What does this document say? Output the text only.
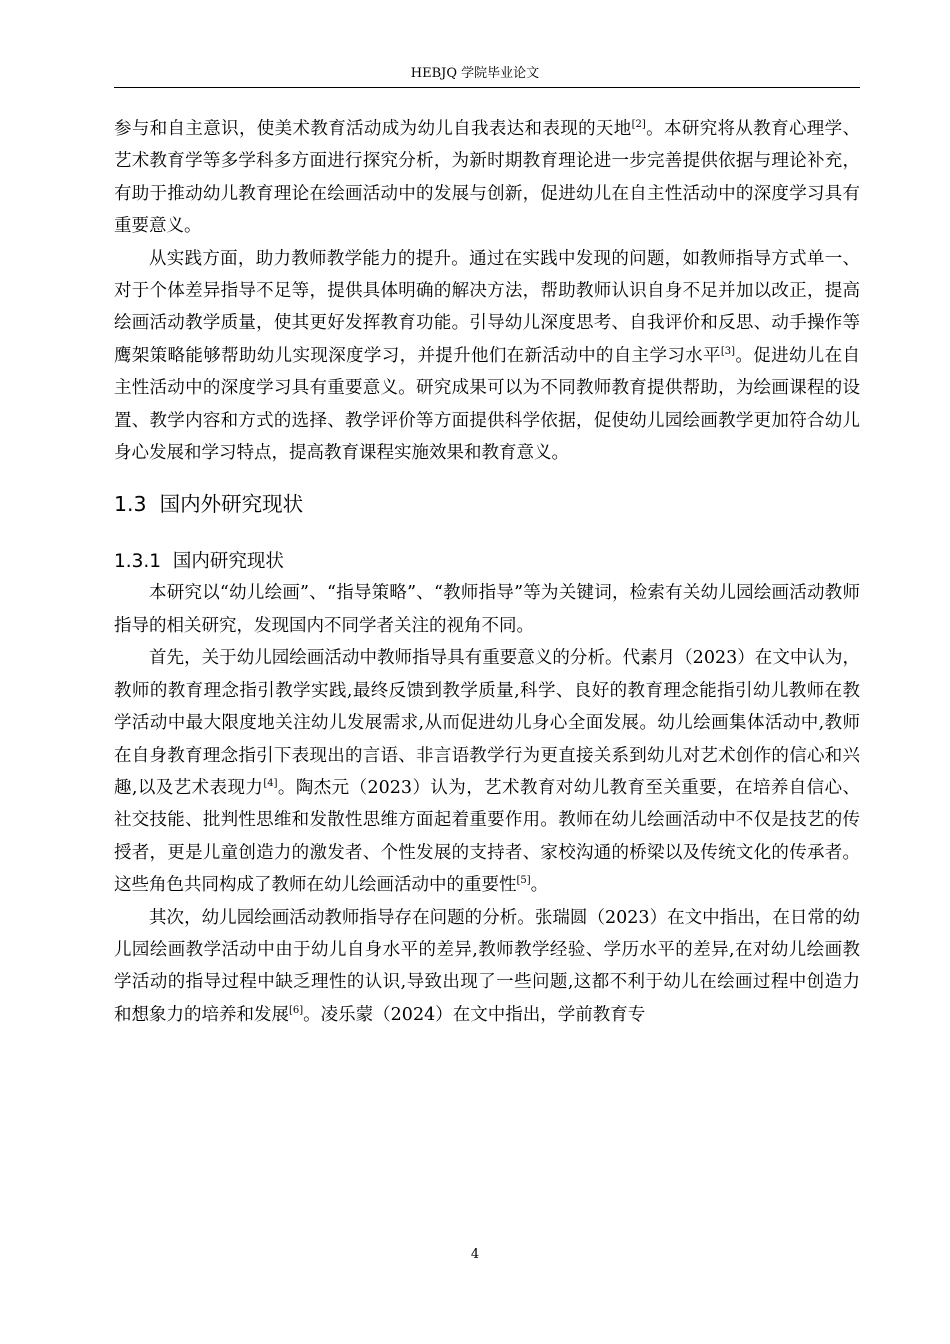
HEBJQ 学院毕业论文

参与和自主意识，使美术教育活动成为幼儿自我表达和表现的天地[2]。本研究将从教育心理学、艺术教育学等多学科多方面进行探究分析，为新时期教育理论进一步完善提供依据与理论补充，有助于推动幼儿教育理论在绘画活动中的发展与创新，促进幼儿在自主性活动中的深度学习具有重要意义。

从实践方面，助力教师教学能力的提升。通过在实践中发现的问题，如教师指导方式单一、对于个体差异指导不足等，提供具体明确的解决方法，帮助教师认识自身不足并加以改正，提高绘画活动教学质量，使其更好发挥教育功能。引导幼儿深度思考、自我评价和反思、动手操作等鹰架策略能够帮助幼儿实现深度学习，并提升他们在新活动中的自主学习水平[3]。促进幼儿在自主性活动中的深度学习具有重要意义。研究成果可以为不同教师教育提供帮助，为绘画课程的设置、教学内容和方式的选择、教学评价等方面提供科学依据，促使幼儿园绘画教学更加符合幼儿身心发展和学习特点，提高教育课程实施效果和教育意义。

1.3 国内外研究现状
1.3.1 国内研究现状

本研究以“幼儿绘画”、“指导策略”、“教师指导”等为关键词，检索有关幼儿园绘画活动教师指导的相关研究，发现国内不同学者关注的视角不同。

首先，关于幼儿园绘画活动中教师指导具有重要意义的分析。代素月（2023）在文中认为，教师的教育理念指引教学实践,最终反馈到教学质量,科学、良好的教育理念能指引幼儿教师在教学活动中最大限度地关注幼儿发展需求,从而促进幼儿身心全面发展。幼儿绘画集体活动中,教师在自身教育理念指引下表现出的言语、非言语教学行为更直接关系到幼儿对艺术创作的信心和兴趣,以及艺术表现力[4]。陶杰元（2023）认为，艺术教育对幼儿教育至关重要，在培养自信心、社交技能、批判性思维和发散性思维方面起着重要作用。教师在幼儿绘画活动中不仅是技艺的传授者，更是儿童创造力的激发者、个性发展的支持者、家校沟通的桥梁以及传统文化的传承者。这些角色共同构成了教师在幼儿绘画活动中的重要性[5]。

其次，幼儿园绘画活动教师指导存在问题的分析。张瑞圆（2023）在文中指出，在日常的幼儿园绘画教学活动中由于幼儿自身水平的差异,教师教学经验、学历水平的差异,在对幼儿绘画教学活动的指导过程中缺乏理性的认识,导致出现了一些问题,这都不利于幼儿在绘画过程中创造力和想象力的培养和发展[6]。凌乐蒙（2024）在文中指出，学前教育专

4
